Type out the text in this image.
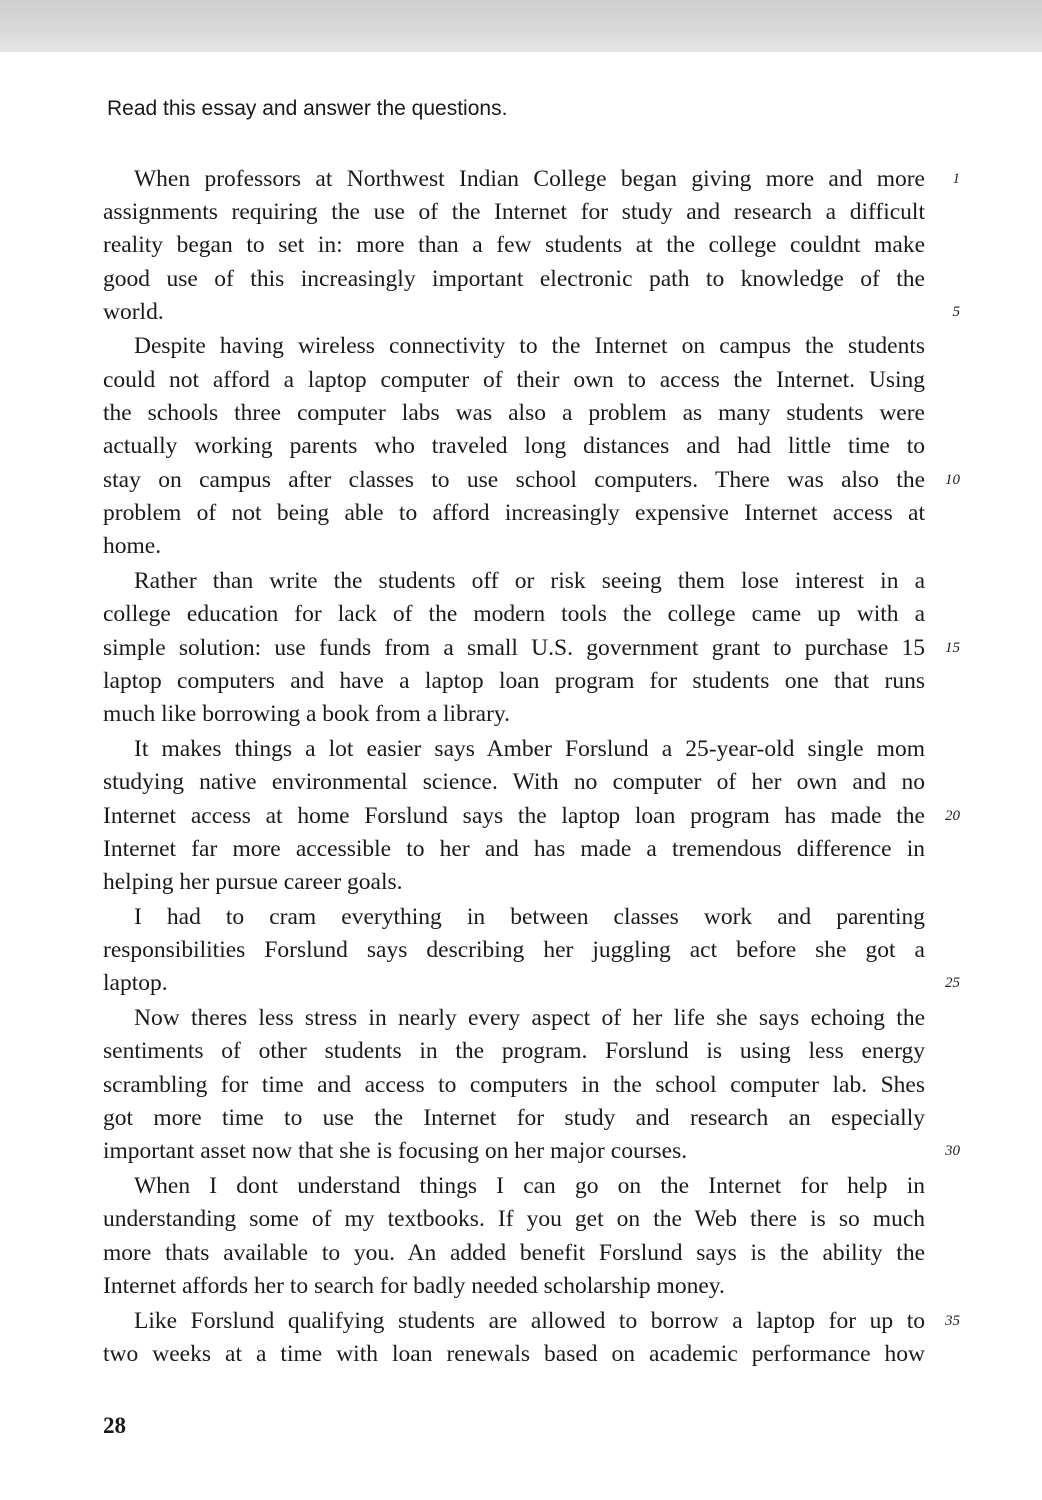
Read this essay and answer the questions.
When professors at Northwest Indian College began giving more and more
assignments requiring the use of the Internet for study and research a difficult
reality began to set in: more than a few students at the college couldnt make
good use of this increasingly important electronic path to knowledge of the
world.
Despite having wireless connectivity to the Internet on campus the students
could not afford a laptop computer of their own to access the Internet. Using
the schools three computer labs was also a problem as many students were
actually working parents who traveled long distances and had little time to
stay on campus after classes to use school computers. There was also the
problem of not being able to afford increasingly expensive Internet access at
home.
Rather than write the students off or risk seeing them lose interest in a
college education for lack of the modern tools the college came up with a
simple solution: use funds from a small U.S. government grant to purchase 15
laptop computers and have a laptop loan program for students one that runs
much like borrowing a book from a library.
It makes things a lot easier says Amber Forslund a 25-year-old single mom
studying native environmental science. With no computer of her own and no
Internet access at home Forslund says the laptop loan program has made the
Internet far more accessible to her and has made a tremendous difference in
helping her pursue career goals.
I had to cram everything in between classes work and parenting
responsibilities Forslund says describing her juggling act before she got a
laptop.
Now theres less stress in nearly every aspect of her life she says echoing the
sentiments of other students in the program. Forslund is using less energy
scrambling for time and access to computers in the school computer lab. Shes
got more time to use the Internet for study and research an especially
important asset now that she is focusing on her major courses.
When I dont understand things I can go on the Internet for help in
understanding some of my textbooks. If you get on the Web there is so much
more thats available to you. An added benefit Forslund says is the ability the
Internet affords her to search for badly needed scholarship money.
Like Forslund qualifying students are allowed to borrow a laptop for up to
two weeks at a time with loan renewals based on academic performance how
1
5
10
15
20
25
30
35
28
